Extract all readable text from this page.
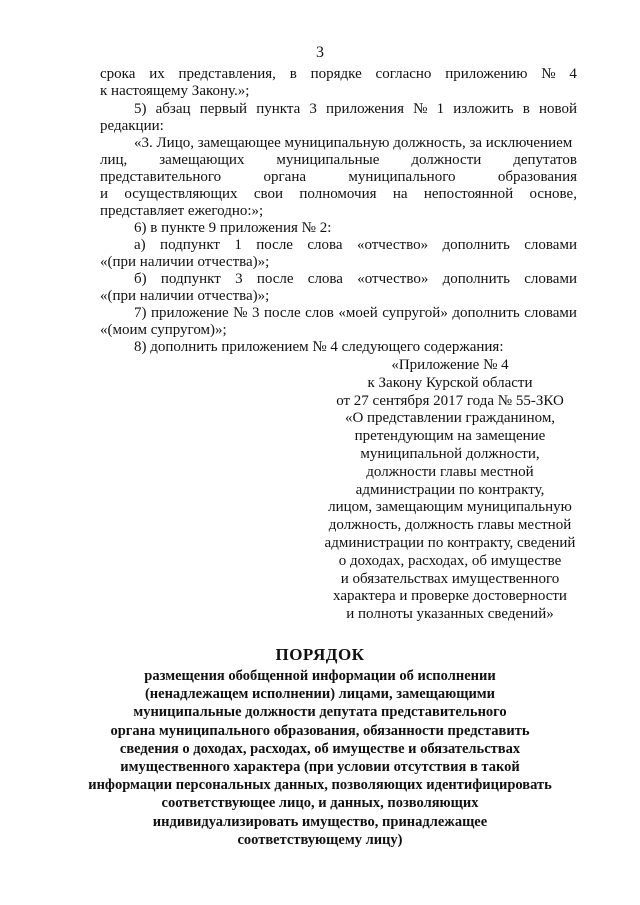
3
срока их представления, в порядке согласно приложению № 4
к настоящему Закону.»;
5) абзац первый пункта 3 приложения № 1 изложить в новой
редакции:
«3. Лицо, замещающее муниципальную должность, за исключением
лиц, замещающих муниципальные должности депутатов
представительного	органа	муниципального	образования
и осуществляющих свои полномочия на непостоянной основе,
представляет ежегодно:»;
6) в пункте 9 приложения № 2:
а) подпункт 1 после слова «отчество» дополнить словами
«(при наличии отчества)»;
б) подпункт 3 после слова «отчество» дополнить словами
«(при наличии отчества)»;
7) приложение № 3 после слов «моей супругой» дополнить словами
«(моим супругом)»;
8) дополнить приложением № 4 следующего содержания:
«Приложение № 4
к Закону Курской области
от 27 сентября 2017 года № 55-ЗКО
«О представлении гражданином,
претендующим на замещение
муниципальной должности,
должности главы местной
администрации по контракту,
лицом, замещающим муниципальную
должность, должность главы местной
администрации по контракту, сведений
о доходах, расходах, об имуществе
и обязательствах имущественного
характера и проверке достоверности
и полноты указанных сведений»
ПОРЯДОК
размещения обобщенной информации об исполнении
(ненадлежащем исполнении) лицами, замещающими
муниципальные должности депутата представительного
органа муниципального образования, обязанности представить
сведения о доходах, расходах, об имуществе и обязательствах
имущественного характера (при условии отсутствия в такой
информации персональных данных, позволяющих идентифицировать
соответствующее лицо, и данных, позволяющих
индивидуализировать имущество, принадлежащее
соответствующему лицу)
